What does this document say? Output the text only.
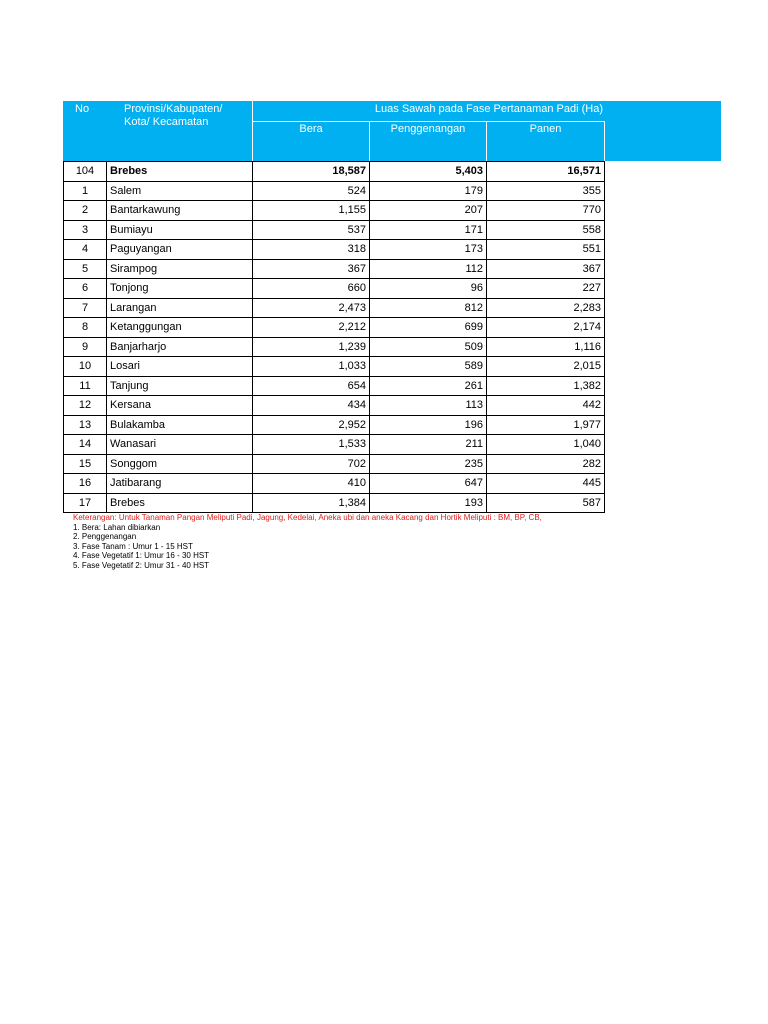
No	Provinsi/Kabupaten/
Kota/ Kecamatan
Luas Sawah pada Fase Pertanaman Padi (Ha)
Bera	Penggenangan	Panen
104	Brebes	18,587	5,403	16,571
1	Salem	524	179	355
2	Bantarkawung	1,155	207	770
3	Bumiayu	537	171	558
4	Paguyangan	318	173	551
5	Sirampog	367	112	367
6	Tonjong	660	96	227
7	Larangan	2,473	812	2,283
8	Ketanggungan	2,212	699	2,174
9	Banjarharjo	1,239	509	1,116
10	Losari	1,033	589	2,015
11	Tanjung	654	261	1,382
12	Kersana	434	113	442
13	Bulakamba	2,952	196	1,977
14	Wanasari	1,533	211	1,040
15	Songgom	702	235	282
16	Jatibarang	410	647	445
17	Brebes	1,384	193	587
Keterangan: Untuk Tanaman Pangan Meliputi Padi, Jagung, Kedelai, Aneka ubi dan aneka Kacang dan Hortik Meliputi : BM, BP, CB,
1. Bera: Lahan dibiarkan
2. Penggenangan
3. Fase Tanam : Umur 1 - 15 HST
4. Fase Vegetatif 1: Umur 16 - 30 HST
5. Fase Vegetatif 2: Umur 31 - 40 HST
